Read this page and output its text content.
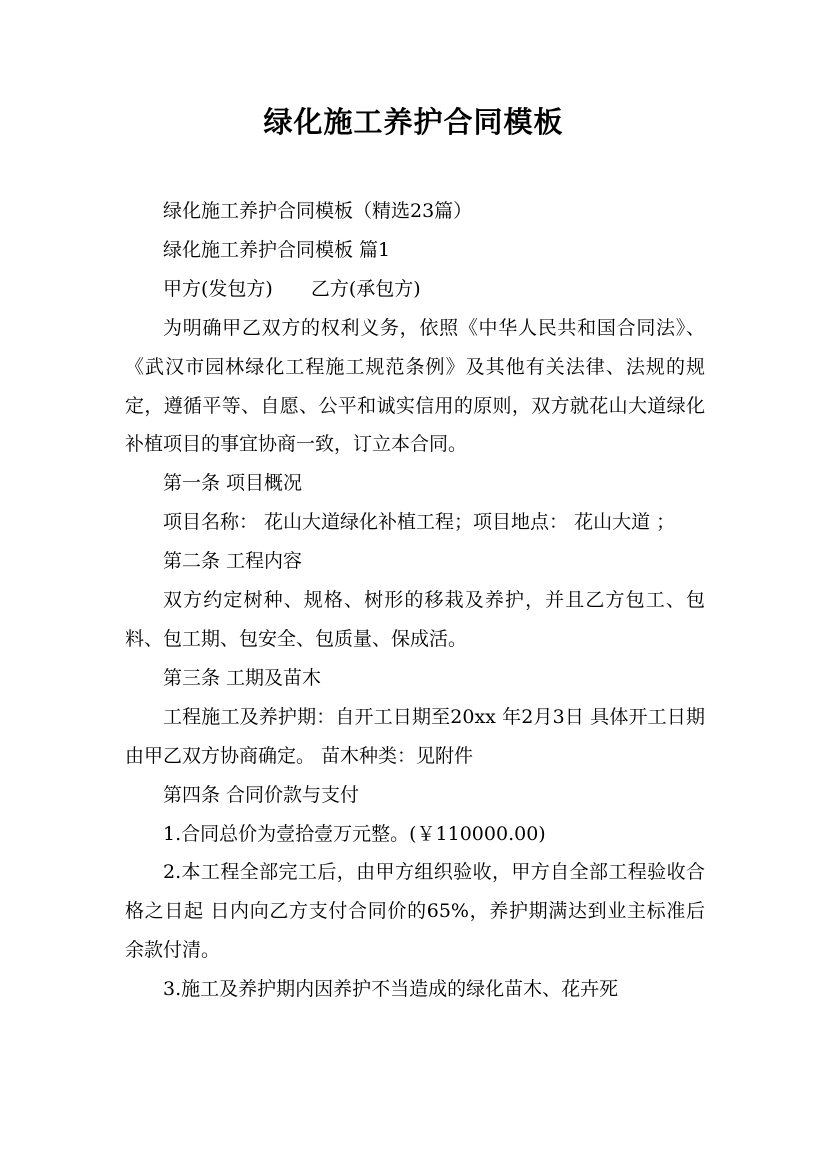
绿化施工养护合同模板

绿化施工养护合同模板（精选23篇）

绿化施工养护合同模板 篇1

甲方(发包方)　　乙方(承包方)

为明确甲乙双方的权利义务，依照《中华人民共和国合同法》、《武汉市园林绿化工程施工规范条例》及其他有关法律、法规的规定，遵循平等、自愿、公平和诚实信用的原则，双方就花山大道绿化补植项目的事宜协商一致，订立本合同。

第一条 项目概况

项目名称： 花山大道绿化补植工程；项目地点： 花山大道 ；

第二条 工程内容

双方约定树种、规格、树形的移栽及养护，并且乙方包工、包料、包工期、包安全、包质量、保成活。

第三条 工期及苗木

工程施工及养护期：自开工日期至20xx 年2月3日 具体开工日期由甲乙双方协商确定。 苗木种类：见附件

第四条 合同价款与支付

1.合同总价为壹拾壹万元整。(￥110000.00)

2.本工程全部完工后，由甲方组织验收，甲方自全部工程验收合格之日起 日内向乙方支付合同价的65%，养护期满达到业主标准后余款付清。

3.施工及养护期内因养护不当造成的绿化苗木、花卉死
